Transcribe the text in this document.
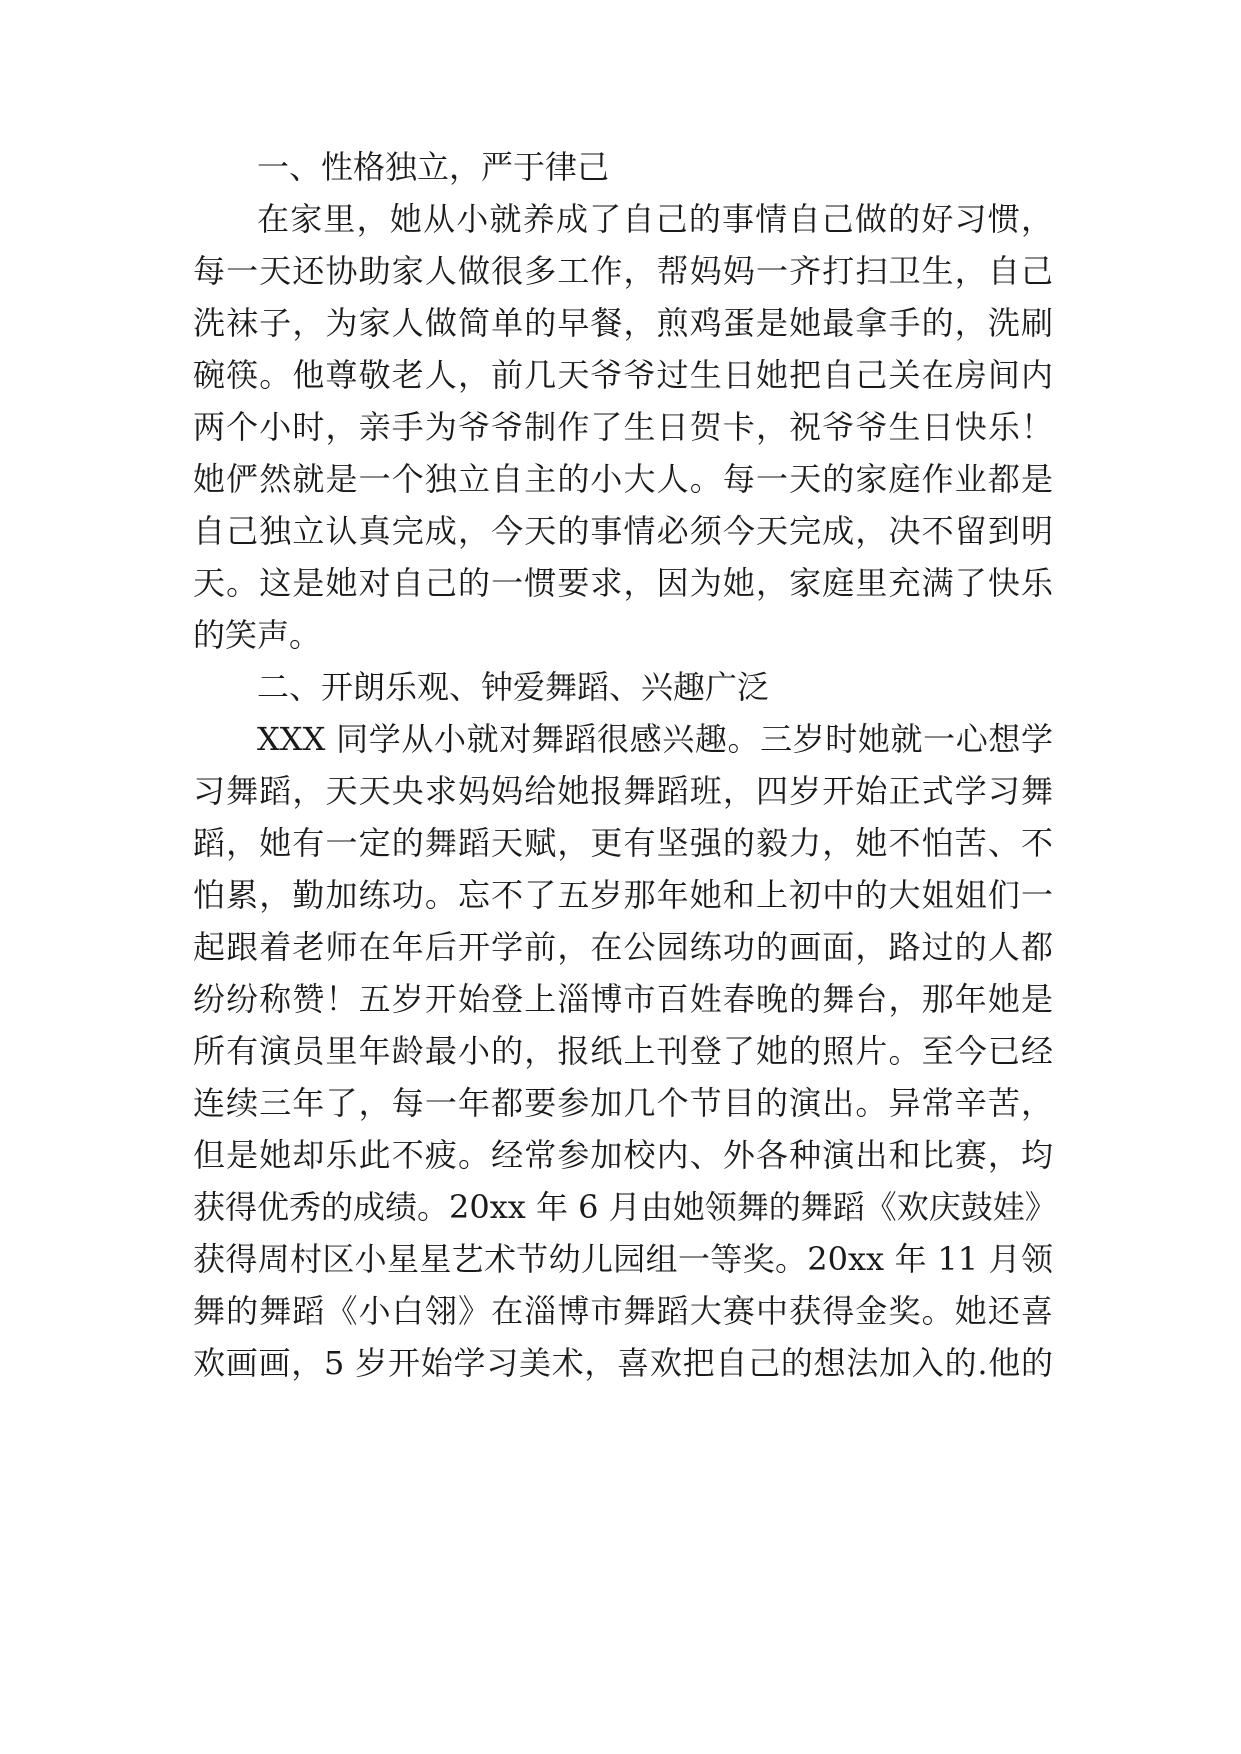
一、性格独立，严于律己
在家里，她从小就养成了自己的事情自己做的好习惯，
每一天还协助家人做很多工作，帮妈妈一齐打扫卫生，自己
洗袜子，为家人做简单的早餐，煎鸡蛋是她最拿手的，洗刷
碗筷。他尊敬老人，前几天爷爷过生日她把自己关在房间内
两个小时，亲手为爷爷制作了生日贺卡，祝爷爷生日快乐！
她俨然就是一个独立自主的小大人。每一天的家庭作业都是
自己独立认真完成，今天的事情必须今天完成，决不留到明
天。这是她对自己的一惯要求，因为她，家庭里充满了快乐
的笑声。
二、开朗乐观、钟爱舞蹈、兴趣广泛
XXX 同学从小就对舞蹈很感兴趣。三岁时她就一心想学
习舞蹈，天天央求妈妈给她报舞蹈班，四岁开始正式学习舞
蹈，她有一定的舞蹈天赋，更有坚强的毅力，她不怕苦、不
怕累，勤加练功。忘不了五岁那年她和上初中的大姐姐们一
起跟着老师在年后开学前，在公园练功的画面，路过的人都
纷纷称赞！五岁开始登上淄博市百姓春晚的舞台，那年她是
所有演员里年龄最小的，报纸上刊登了她的照片。至今已经
连续三年了，每一年都要参加几个节目的演出。异常辛苦，
但是她却乐此不疲。经常参加校内、外各种演出和比赛，均
获得优秀的成绩。20xx 年 6 月由她领舞的舞蹈《欢庆鼓娃》
获得周村区小星星艺术节幼儿园组一等奖。20xx 年 11 月领
舞的舞蹈《小白翎》在淄博市舞蹈大赛中获得金奖。她还喜
欢画画，5 岁开始学习美术，喜欢把自己的想法加入的.他的
